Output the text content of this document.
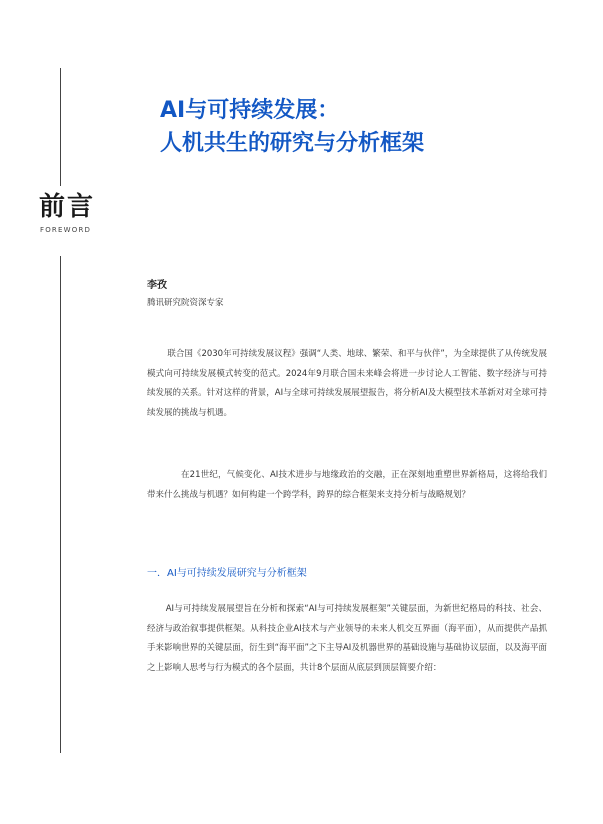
前言
FOREWORD
AI与可持续发展：
人机共生的研究与分析框架
李孜
腾讯研究院资深专家

联合国《2030年可持续发展议程》强调“人类、地球、繁荣、和平与伙伴”，为全球提供了从传统发展模式向可持续发展模式转变的范式。2024年9月联合国未来峰会将进一步讨论人工智能、数字经济与可持续发展的关系。针对这样的背景，AI与全球可持续发展展望报告，将分析AI及大模型技术革新对对全球可持续发展的挑战与机遇。

在21世纪，气候变化、AI技术进步与地缘政治的交融，正在深刻地重塑世界新格局，这将给我们带来什么挑战与机遇？如何构建一个跨学科，跨界的综合框架来支持分析与战略规划？

一．AI与可持续发展研究与分析框架

AI与可持续发展展望旨在分析和探索“AI与可持续发展框架”关键层面，为新世纪格局的科技、社会、经济与政治叙事提供框架。从科技企业AI技术与产业领导的未来人机交互界面（海平面），从而提供产品抓手来影响世界的关键层面，衍生到“海平面”之下主导AI及机器世界的基础设施与基础协议层面，以及海平面之上影响人思考与行为模式的各个层面，共计8个层面从底层到顶层简要介绍：
